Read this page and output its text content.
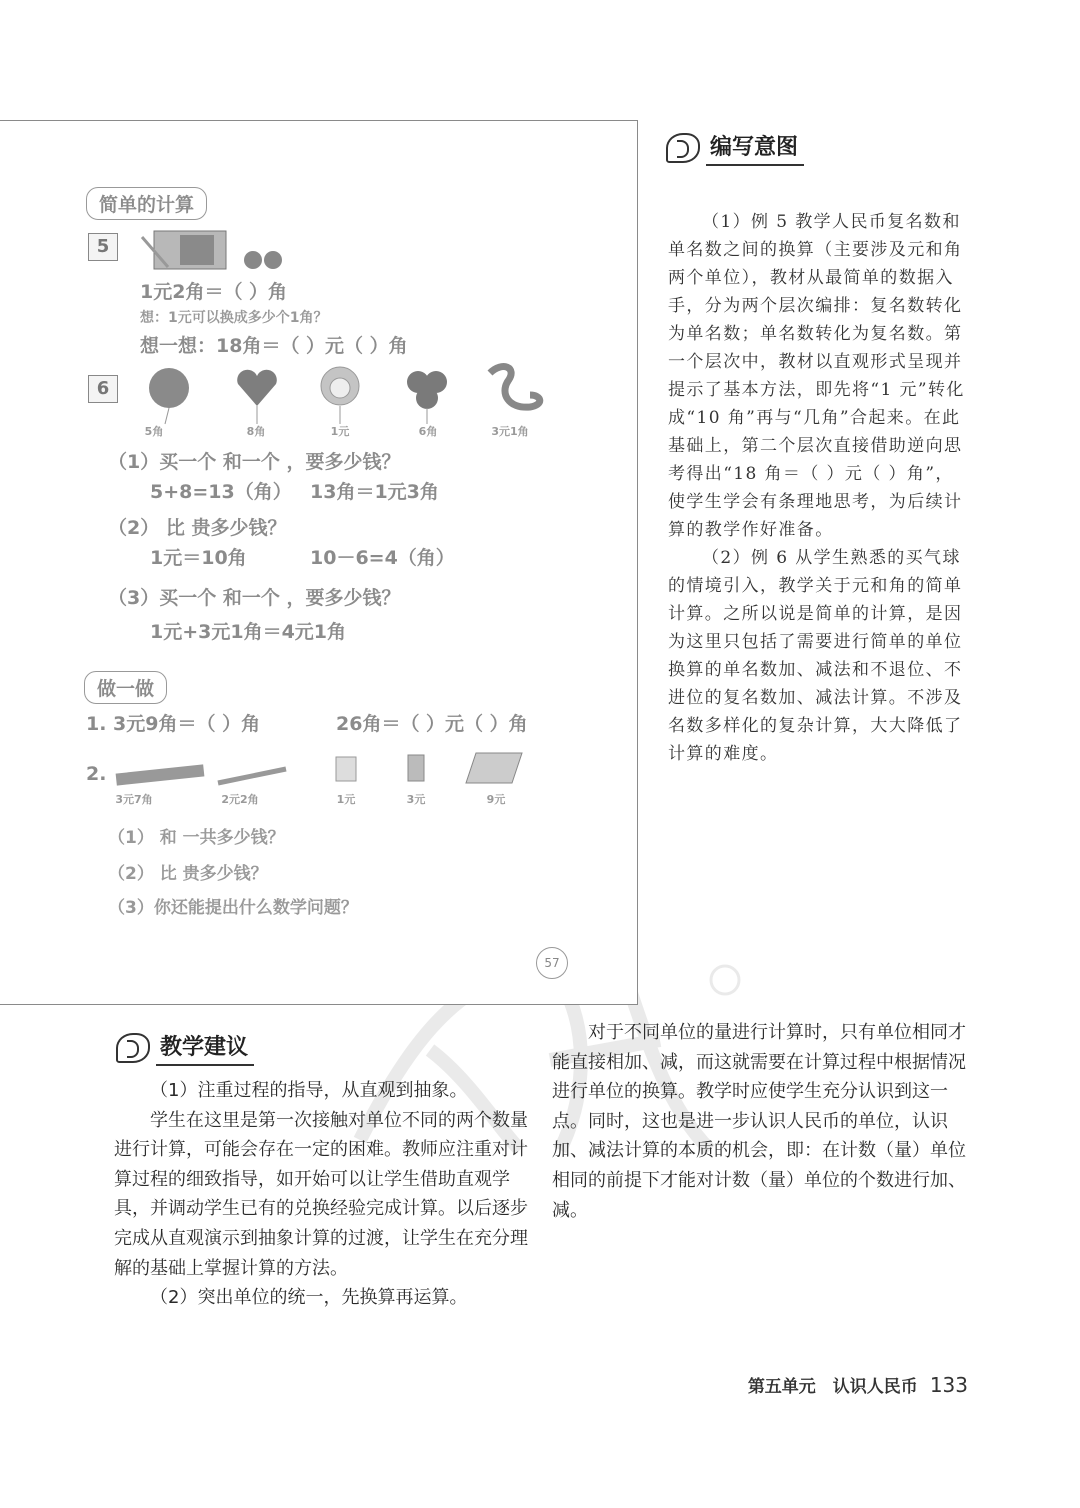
简单的计算
5
1元2角＝（ ）角
想：1元可以换成多少个1角？
想一想：18角＝（ ）元（ ）角
6
5角	8角	1元	6角	3元1角
（1）买一个 和一个 ，要多少钱？
5+8=13（角） 13角＝1元3角
（2） 比 贵多少钱？
1元＝10角	10－6=4（角）
（3）买一个 和一个 ，要多少钱？
1元+3元1角＝4元1角
做一做
1. 3元9角＝（ ）角	26角＝（ ）元（ ）角
2.
3元7角	2元2角	1元	3元	9元
（1） 和 一共多少钱？
（2） 比 贵多少钱？
（3）你还能提出什么数学问题？
57
编写意图

（1）例 5 教学人民币复名数和单名数之间的换算（主要涉及元和角两个单位），教材从最简单的数据入手，分为两个层次编排：复名数转化为单名数；单名数转化为复名数。第一个层次中，教材以直观形式呈现并提示了基本方法，即先将“1 元”转化成“10 角”再与“几角”合起来。在此基础上，第二个层次直接借助逆向思考得出“18 角＝（ ）元（ ）角”，使学生学会有条理地思考，为后续计算的教学作好准备。

（2）例 6 从学生熟悉的买气球的情境引入，教学关于元和角的简单计算。之所以说是简单的计算，是因为这里只包括了需要进行简单的单位换算的单名数加、减法和不退位、不进位的复名数加、减法计算。不涉及名数多样化的复杂计算，大大降低了计算的难度。

教学建议

（1）注重过程的指导，从直观到抽象。

学生在这里是第一次接触对单位不同的两个数量进行计算，可能会存在一定的困难。教师应注重对计算过程的细致指导，如开始可以让学生借助直观学具，并调动学生已有的兑换经验完成计算。以后逐步完成从直观演示到抽象计算的过渡，让学生在充分理解的基础上掌握计算的方法。

（2）突出单位的统一，先换算再运算。

对于不同单位的量进行计算时，只有单位相同才能直接相加、减，而这就需要在计算过程中根据情况进行单位的换算。教学时应使学生充分认识到这一点。同时，这也是进一步认识人民币的单位，认识加、减法计算的本质的机会，即：在计数（量）单位相同的前提下才能对计数（量）单位的个数进行加、减。

第五单元　认识人民币 133
